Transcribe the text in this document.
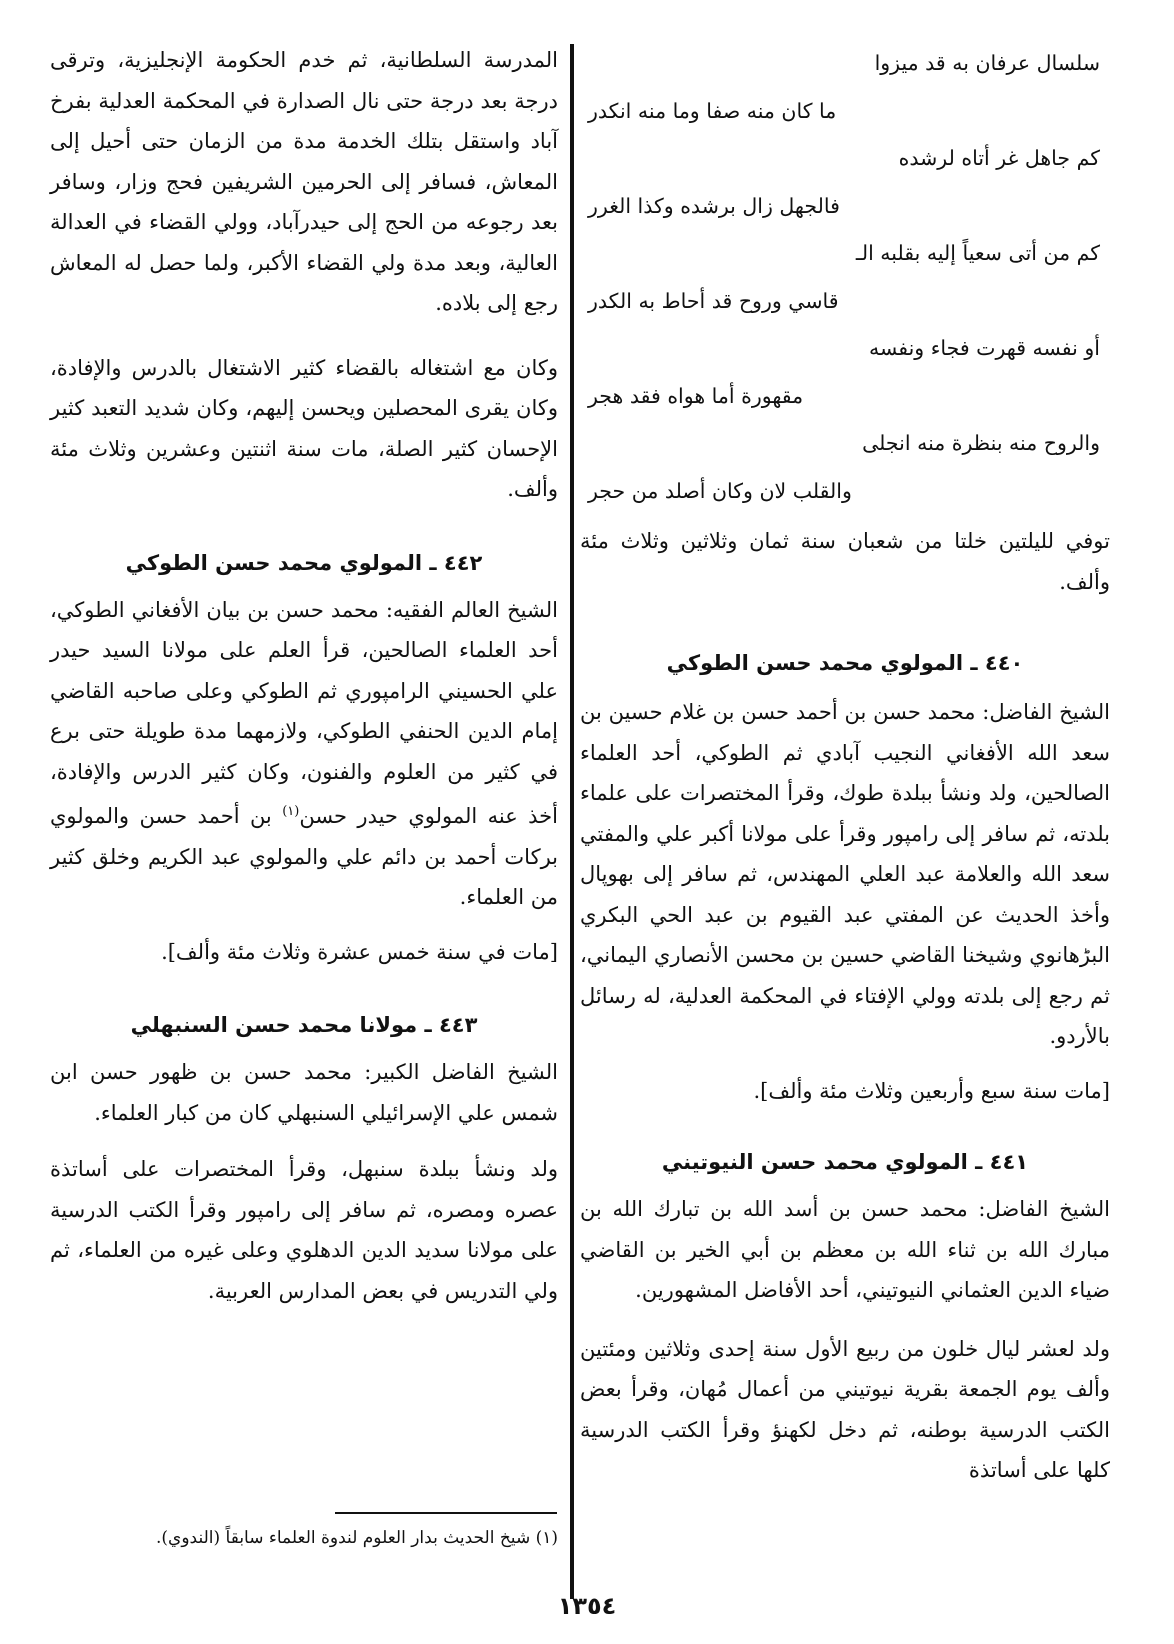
سلسال عرفان به قد ميزوا

ما كان منه صفا وما منه انكدر

كم جاهل غر أتاه لرشده

فالجهل زال برشده وكذا الغرر

كم من أتى سعياً إليه بقلبه الـ

قاسي وروح قد أحاط به الكدر

أو نفسه قهرت فجاء ونفسه

مقهورة أما هواه فقد هجر

والروح منه بنظرة منه انجلى

والقلب لان وكان أصلد من حجر

توفي لليلتين خلتا من شعبان سنة ثمان وثلاثين وثلاث مئة وألف.

٤٤٠ ـ المولوي محمد حسن الطوكي

الشيخ الفاضل: محمد حسن بن أحمد حسن بن غلام حسين بن سعد الله الأفغاني النجيب آبادي ثم الطوكي، أحد العلماء الصالحين، ولد ونشأ ببلدة طوك، وقرأ المختصرات على علماء بلدته، ثم سافر إلى رامپور وقرأ على مولانا أكبر علي والمفتي سعد الله والعلامة عبد العلي المهندس، ثم سافر إلى بهوپال وأخذ الحديث عن المفتي عبد القيوم بن عبد الحي البكري البڑهانوي وشيخنا القاضي حسين بن محسن الأنصاري اليماني، ثم رجع إلى بلدته وولي الإفتاء في المحكمة العدلية، له رسائل بالأردو.

[مات سنة سبع وأربعين وثلاث مئة وألف].

٤٤١ ـ المولوي محمد حسن النيوتيني

الشيخ الفاضل: محمد حسن بن أسد الله بن تبارك الله بن مبارك الله بن ثناء الله بن معظم بن أبي الخير بن القاضي ضياء الدين العثماني النيوتيني، أحد الأفاضل المشهورين.

ولد لعشر ليال خلون من ربيع الأول سنة إحدى وثلاثين ومئتين وألف يوم الجمعة بقرية نيوتيني من أعمال مُهان، وقرأ بعض الكتب الدرسية بوطنه، ثم دخل لكهنؤ وقرأ الكتب الدرسية كلها على أساتذة

المدرسة السلطانية، ثم خدم الحكومة الإنجليزية، وترقى درجة بعد درجة حتى نال الصدارة في المحكمة العدلية بفرخ آباد واستقل بتلك الخدمة مدة من الزمان حتى أحيل إلى المعاش، فسافر إلى الحرمين الشريفين فحج وزار، وسافر بعد رجوعه من الحج إلى حيدرآباد، وولي القضاء في العدالة العالية، وبعد مدة ولي القضاء الأكبر، ولما حصل له المعاش رجع إلى بلاده.

وكان مع اشتغاله بالقضاء كثير الاشتغال بالدرس والإفادة، وكان يقرى المحصلين ويحسن إليهم، وكان شديد التعبد كثير الإحسان كثير الصلة، مات سنة اثنتين وعشرين وثلاث مئة وألف.

٤٤٢ ـ المولوي محمد حسن الطوكي

الشيخ العالم الفقيه: محمد حسن بن بيان الأفغاني الطوكي، أحد العلماء الصالحين، قرأ العلم على مولانا السيد حيدر علي الحسيني الرامپوري ثم الطوكي وعلى صاحبه القاضي إمام الدين الحنفي الطوكي، ولازمهما مدة طويلة حتى برع في كثير من العلوم والفنون، وكان كثير الدرس والإفادة، أخذ عنه المولوي حيدر حسن$^{(١)}$ بن أحمد حسن والمولوي بركات أحمد بن دائم علي والمولوي عبد الكريم وخلق كثير من العلماء.

[مات في سنة خمس عشرة وثلاث مئة وألف].

٤٤٣ ـ مولانا محمد حسن السنبهلي

الشيخ الفاضل الكبير: محمد حسن بن ظهور حسن ابن شمس علي الإسرائيلي السنبهلي كان من كبار العلماء.

ولد ونشأ ببلدة سنبهل، وقرأ المختصرات على أساتذة عصره ومصره، ثم سافر إلى رامپور وقرأ الكتب الدرسية على مولانا سديد الدين الدهلوي وعلى غيره من العلماء، ثم ولي التدريس في بعض المدارس العربية.

(١) شيخ الحديث بدار العلوم لندوة العلماء سابقاً (الندوي).

١٣٥٤
